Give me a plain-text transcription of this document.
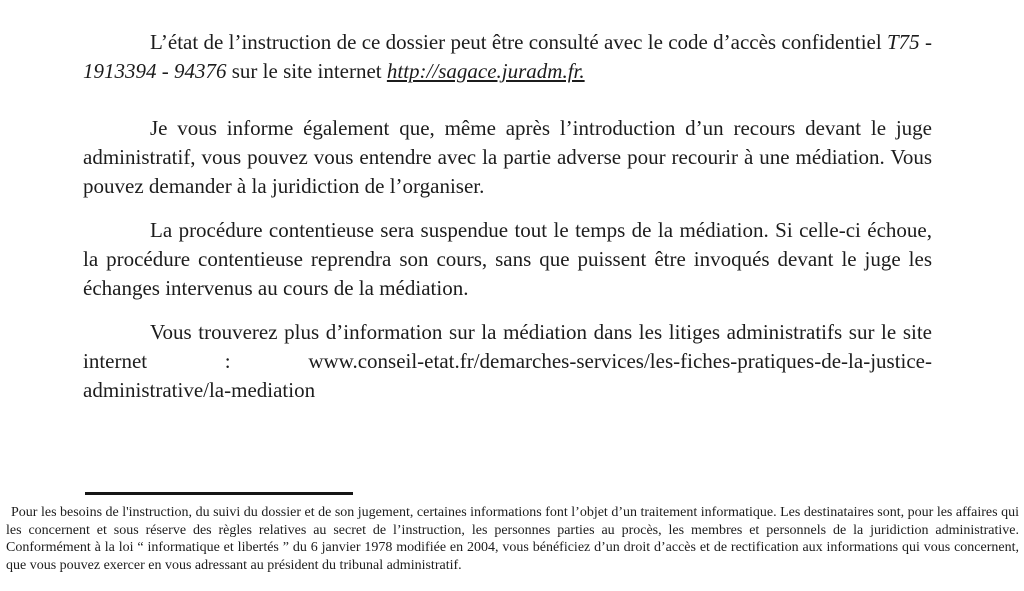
L’état de l’instruction de ce dossier peut être consulté avec le code d’accès confidentiel T75 - 1913394 - 94376 sur le site internet http://sagace.juradm.fr.

Je vous informe également que, même après l’introduction d’un recours devant le juge administratif, vous pouvez vous entendre avec la partie adverse pour recourir à une médiation. Vous pouvez demander à la juridiction de l’organiser.

La procédure contentieuse sera suspendue tout le temps de la médiation. Si celle-ci échoue, la procédure contentieuse reprendra son cours, sans que puissent être invoqués devant le juge les échanges intervenus au cours de la médiation.

Vous trouverez plus d’information sur la médiation dans les litiges administratifs sur le site internet : www.conseil-etat.fr/demarches-services/les-fiches-pratiques-de-la-justice-administrative/la-mediation

Pour les besoins de l'instruction, du suivi du dossier et de son jugement, certaines informations font l’objet d’un traitement informatique. Les destinataires sont, pour les affaires qui les concernent et sous réserve des règles relatives au secret de l’instruction, les personnes parties au procès, les membres et personnels de la juridiction administrative. Conformément à la loi “ informatique et libertés ” du 6 janvier 1978 modifiée en 2004, vous bénéficiez d’un droit d’accès et de rectification aux informations qui vous concernent, que vous pouvez exercer en vous adressant au président du tribunal administratif.
